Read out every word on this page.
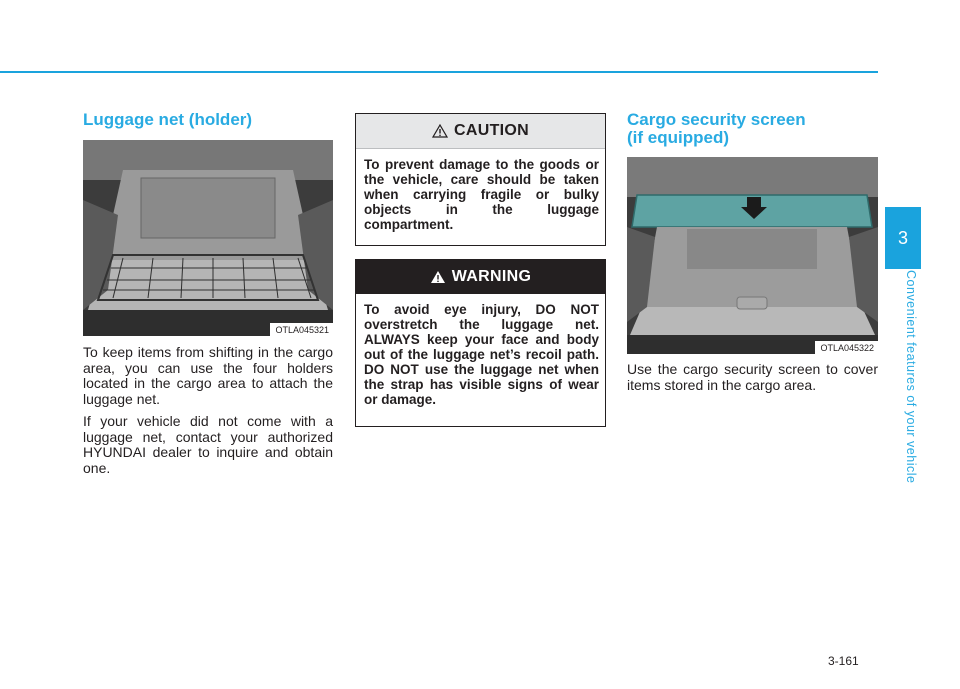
Luggage net (holder)
OTLA045321

To keep items from shifting in the cargo area, you can use the four holders located in the cargo area to attach the luggage net.

If your vehicle did not come with a luggage net, contact your authorized HYUNDAI dealer to inquire and obtain one.

CAUTION
To prevent damage to the goods or the vehicle, care should be taken when carrying fragile or bulky objects in the luggage compartment.
WARNING
To avoid eye injury, DO NOT overstretch the luggage net. ALWAYS keep your face and body out of the luggage net’s recoil path. DO NOT use the luggage net when the strap has visible signs of wear or damage.
Cargo security screen
(if equipped)
OTLA045322

Use the cargo security screen to cover items stored in the cargo area.

3
Convenient features of your vehicle
3-161
